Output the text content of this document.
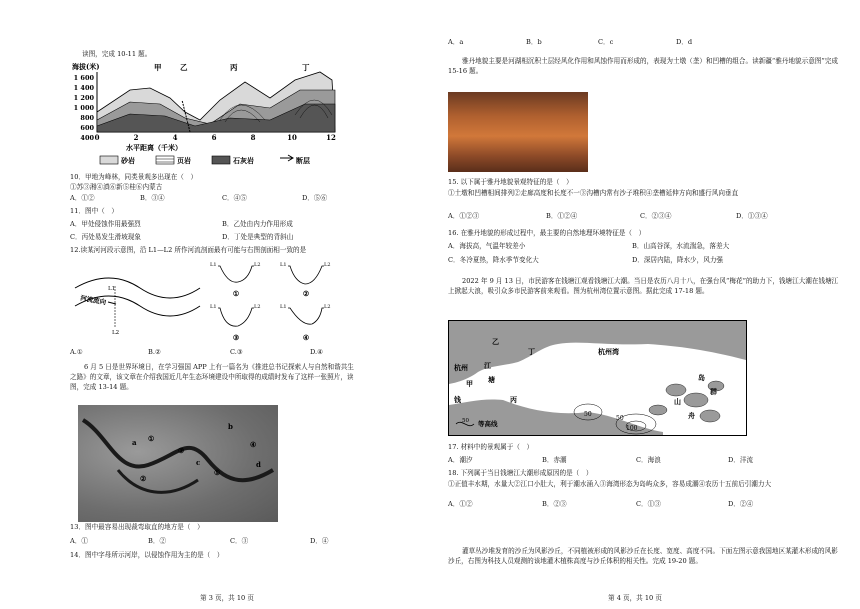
读图，完成 10-11 题。
海拔(米)
1 600
1 400
1 200
1 000
800
600
400
甲 乙	丙	丁
0	2	4	6	8	10	12
水平距离（千米）
砂岩	页岩	石灰岩	断层
10．甲地为峰林，同类景观多出现在（　）
①苏③湘④滇⑥新⑤桂⑥内蒙古
A．①②	B．③④	C．④⑤	D．⑤⑥
11．图中（　）
A．甲处侵蚀作用最强烈	B．乙处由内力作用形成
C．丙处易发生滑坡现象	D．丁处是典型的背斜山
12.读某河河段示意图，沿 L1—L2 所作河流剖面最有可能与右图剖面相一致的是
河流流向
L1
L2
L1	L2	L1	L2
L1	L2	L1	L2
①	②
③	④
A.①	B.②	C.③	D.④
6 月 5 日是世界环境日，在学习强国 APP 上有一篇名为《推进总书记探索人与自然和谐共生之路》的文章，该文章在介绍我国近几年生态环境建设中所取得的成绩时发布了这样一张照片，读图，完成 13-14 题。
a
b
c	d
①
②
③
④
⑤
13．图中最容易出现裁弯取直的地方是（　）
A．①	B．②	C．③	D．④
14．图中字母所示河岸，以侵蚀作用为主的是（　）
第 3 页，共 10 页
A．a	B．b	C．c	D．d
雅丹地貌主要是河湖相沉积土层经风化作用和风蚀作用而形成的，表现为土墩（垄）和凹槽的组合。读新疆“雅丹地貌示意图”完成 15-16 题。
15. 以下属于雅丹地貌景观特征的是（　）
①土墩和凹槽相间排列②走廊高度和长度不一③沟槽内常有沙子堆积④垄槽延伸方向和盛行风向垂直
A．①②③	B．①②④	C．②③④	D．①③④
16. 在雅丹地貌的形成过程中，最主要的自然地理环境特征是（　）
A．海拔高，气温年较差小	B．山高谷深，水流湍急，落差大
C．冬冷夏热，降水季节变化大	D．深居内陆，降水少，风力强
2022 年 9 月 13 日，市民游客在钱塘江观看钱塘江大潮。当日是农历八月十八，在强台风“梅花”的助力下，钱塘江大潮在钱塘江上掀起大浪，吸引众多市民游客前来观看。图为杭州湾位置示意图。据此完成 17-18 题。
杭州
杭州湾
乙
丁
江
塘
甲
钱	丙
岛
群
山
舟
50
50
100
50 等高线
17. 材料中的景观属于（　）
A．潮汐	B．赤潮	C．海浪	D．洋流
18. 下列属于当日钱塘江大潮形成原因的是（　）
①正值丰水期，水量大②江口小肚大，利于潮水涌入③海湾形态为岛屿众多，容易成潮④农历十五前后引潮力大
A．①②	B．②③	C．①③	D．②④
灌草丛沙堆发育的沙丘为风影沙丘，不同植被形成的风影沙丘在长度、宽度、高度不同。下面左图示意我国地区某灌木形成的风影沙丘，右图为科技人员观测的该地灌木植株高度与沙丘体积的相关性。完成 19-20 题。
第 4 页，共 10 页
